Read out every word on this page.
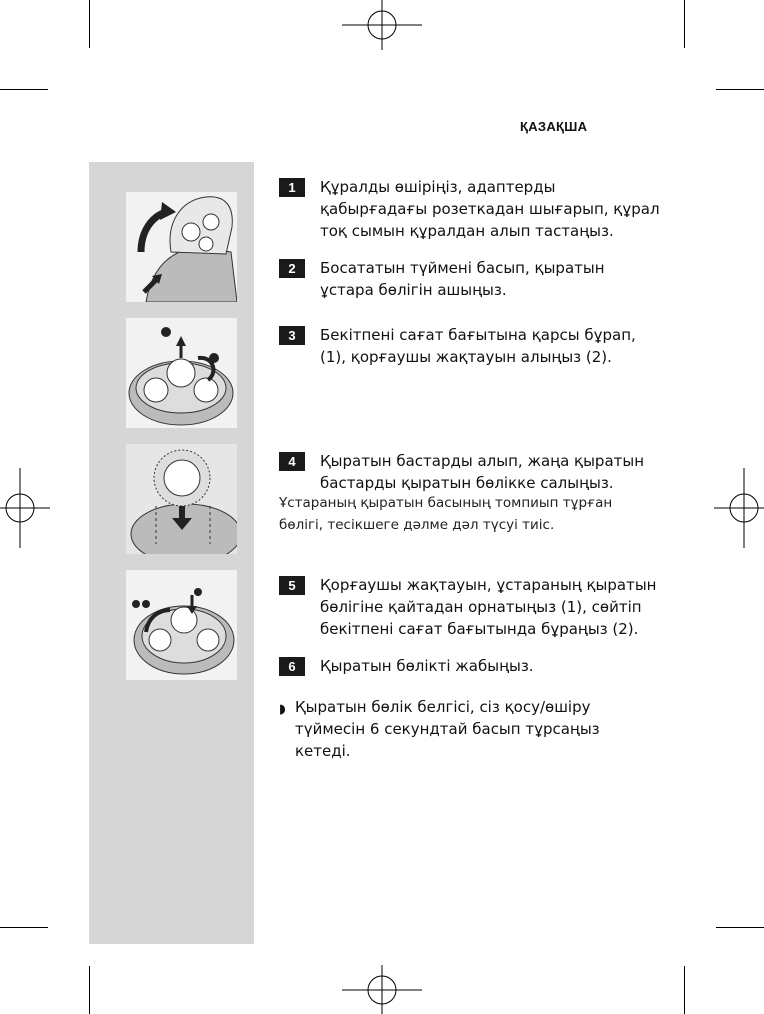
ҚАЗАҚША
1	Құралды өшіріңіз, адаптерды
қабырғадағы розеткадан шығарып, құрал
тоқ сымын құралдан алып тастаңыз.
2	Босататын түймені басып, қыратын
ұстара бөлігін ашыңыз.
3	Бекітпені сағат бағытына қарсы бұрап,
(1), қорғаушы жақтауын алыңыз (2).
4	Қыратын бастарды алып, жаңа қыратын
бастарды қыратын бөлікке салыңыз.
Ұстараның қыратын басының томпиып тұрған
бөлігі, тесікшеге дәлме дәл түсуі тиіс.
5	Қорғаушы жақтауын, ұстараның қыратын
бөлігіне қайтадан орнатыңыз (1), сөйтіп
бекітпені сағат бағытында бұраңыз (2).
6	Қыратын бөлікті жабыңыз.
◗ Қыратын бөлік белгісі, сіз қосу/өшіру
түймесін 6 секундтай басып тұрсаңыз
кетеді.
